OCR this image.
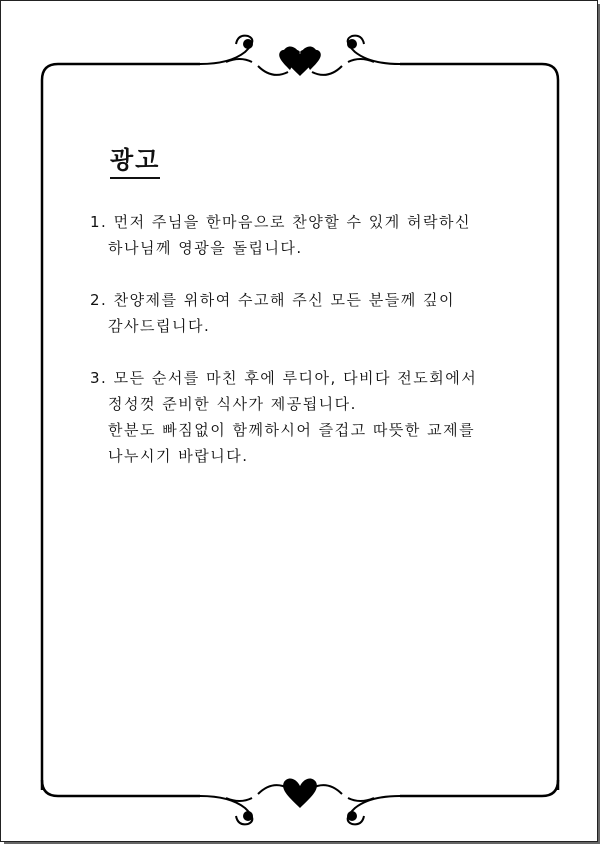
광고
1. 먼저 주님을 한마음으로 찬양할 수 있게 허락하신
하나님께 영광을 돌립니다.
2. 찬양제를 위하여 수고해 주신 모든 분들께 깊이
감사드립니다.
3. 모든 순서를 마친 후에 루디아, 다비다 전도회에서
정성껏 준비한 식사가 제공됩니다.
한분도 빠짐없이 함께하시어 즐겁고 따뜻한 교제를
나누시기 바랍니다.
